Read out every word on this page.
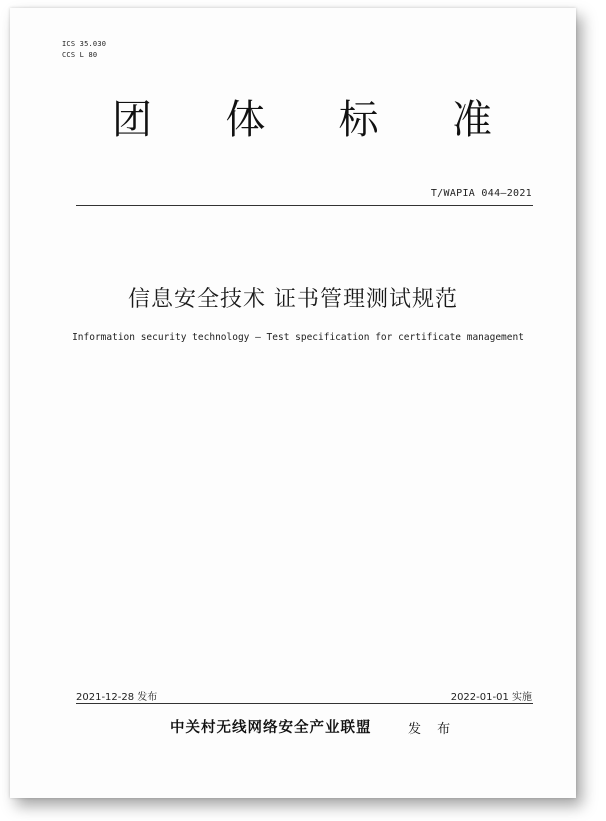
ICS 35.030
CCS L 80
团 体 标 准
T/WAPIA 044—2021
信息安全技术 证书管理测试规范
Information security technology — Test specification for certificate management
2021-12-28 发布	2022-01-01 实施
中关村无线网络安全产业联盟	发 布
